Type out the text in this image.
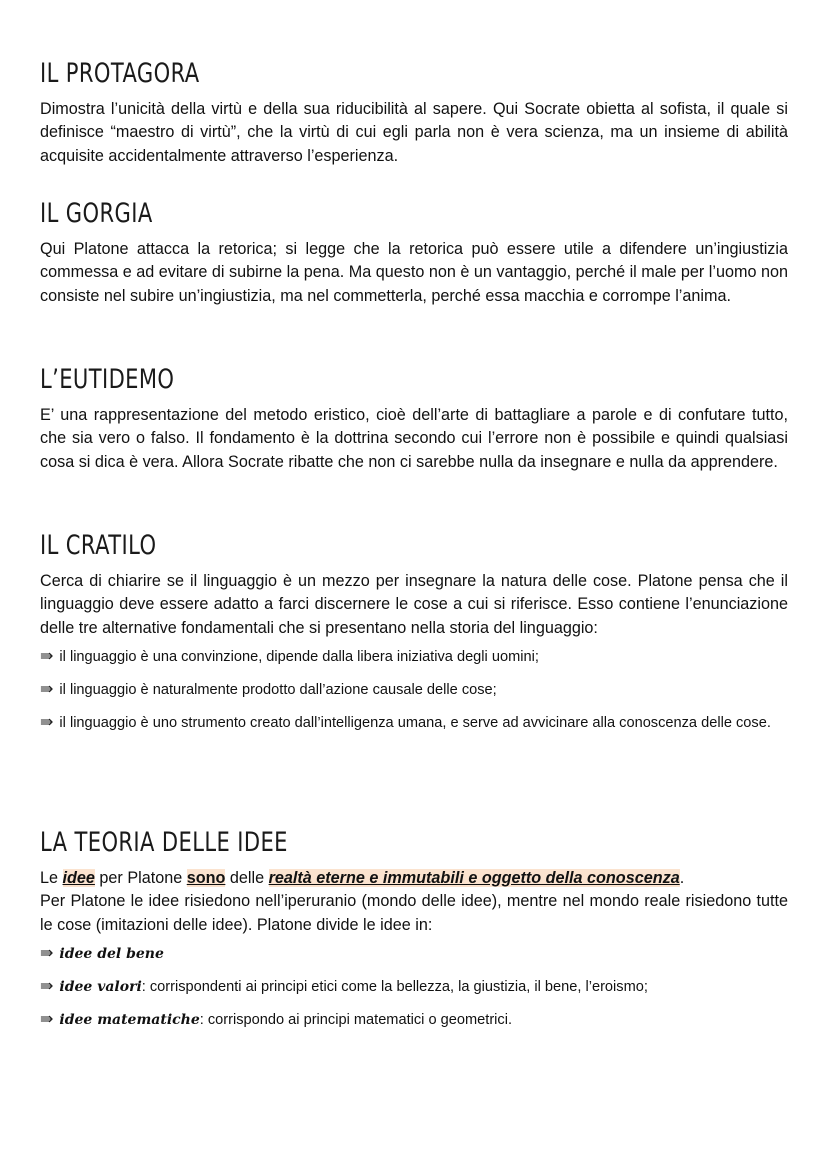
IL PROTAGORA

Dimostra l’unicità della virtù e della sua riducibilità al sapere. Qui Socrate obietta al sofista, il quale si definisce “maestro di virtù”, che la virtù di cui egli parla non è vera scienza, ma un insieme di abilità acquisite accidentalmente attraverso l’esperienza.

IL GORGIA

Qui Platone attacca la retorica; si legge che la retorica può essere utile a difendere un’ingiustizia commessa e ad evitare di subirne la pena. Ma questo non è un vantaggio, perché il male per l’uomo non consiste nel subire un’ingiustizia, ma nel commetterla, perché essa macchia e corrompe l’anima.

L’EUTIDEMO

E’ una rappresentazione del metodo eristico, cioè dell’arte di battagliare a parole e di confutare tutto, che sia vero o falso. Il fondamento è la dottrina secondo cui l’errore non è possibile e quindi qualsiasi cosa si dica è vera. Allora Socrate ribatte che non ci sarebbe nulla da insegnare e nulla da apprendere.

IL CRATILO

Cerca di chiarire se il linguaggio è un mezzo per insegnare la natura delle cose. Platone pensa che il linguaggio deve essere adatto a farci discernere le cose a cui si riferisce. Esso contiene l’enunciazione delle tre alternative fondamentali che si presentano nella storia del linguaggio:

⇛ il linguaggio è una convinzione, dipende dalla libera iniziativa degli uomini;

⇛ il linguaggio è naturalmente prodotto dall’azione causale delle cose;

⇛ il linguaggio è uno strumento creato dall’intelligenza umana, e serve ad avvicinare alla conoscenza delle cose.

LA TEORIA DELLE IDEE

Le idee per Platone sono delle realtà eterne e immutabili e oggetto della conoscenza.

Per Platone le idee risiedono nell’iperuranio (mondo delle idee), mentre nel mondo reale risiedono tutte le cose (imitazioni delle idee). Platone divide le idee in:

⇛ idee del bene

⇛ idee valori: corrispondenti ai principi etici come la bellezza, la giustizia, il bene, l’eroismo;

⇛ idee matematiche: corrispondo ai principi matematici o geometrici.
